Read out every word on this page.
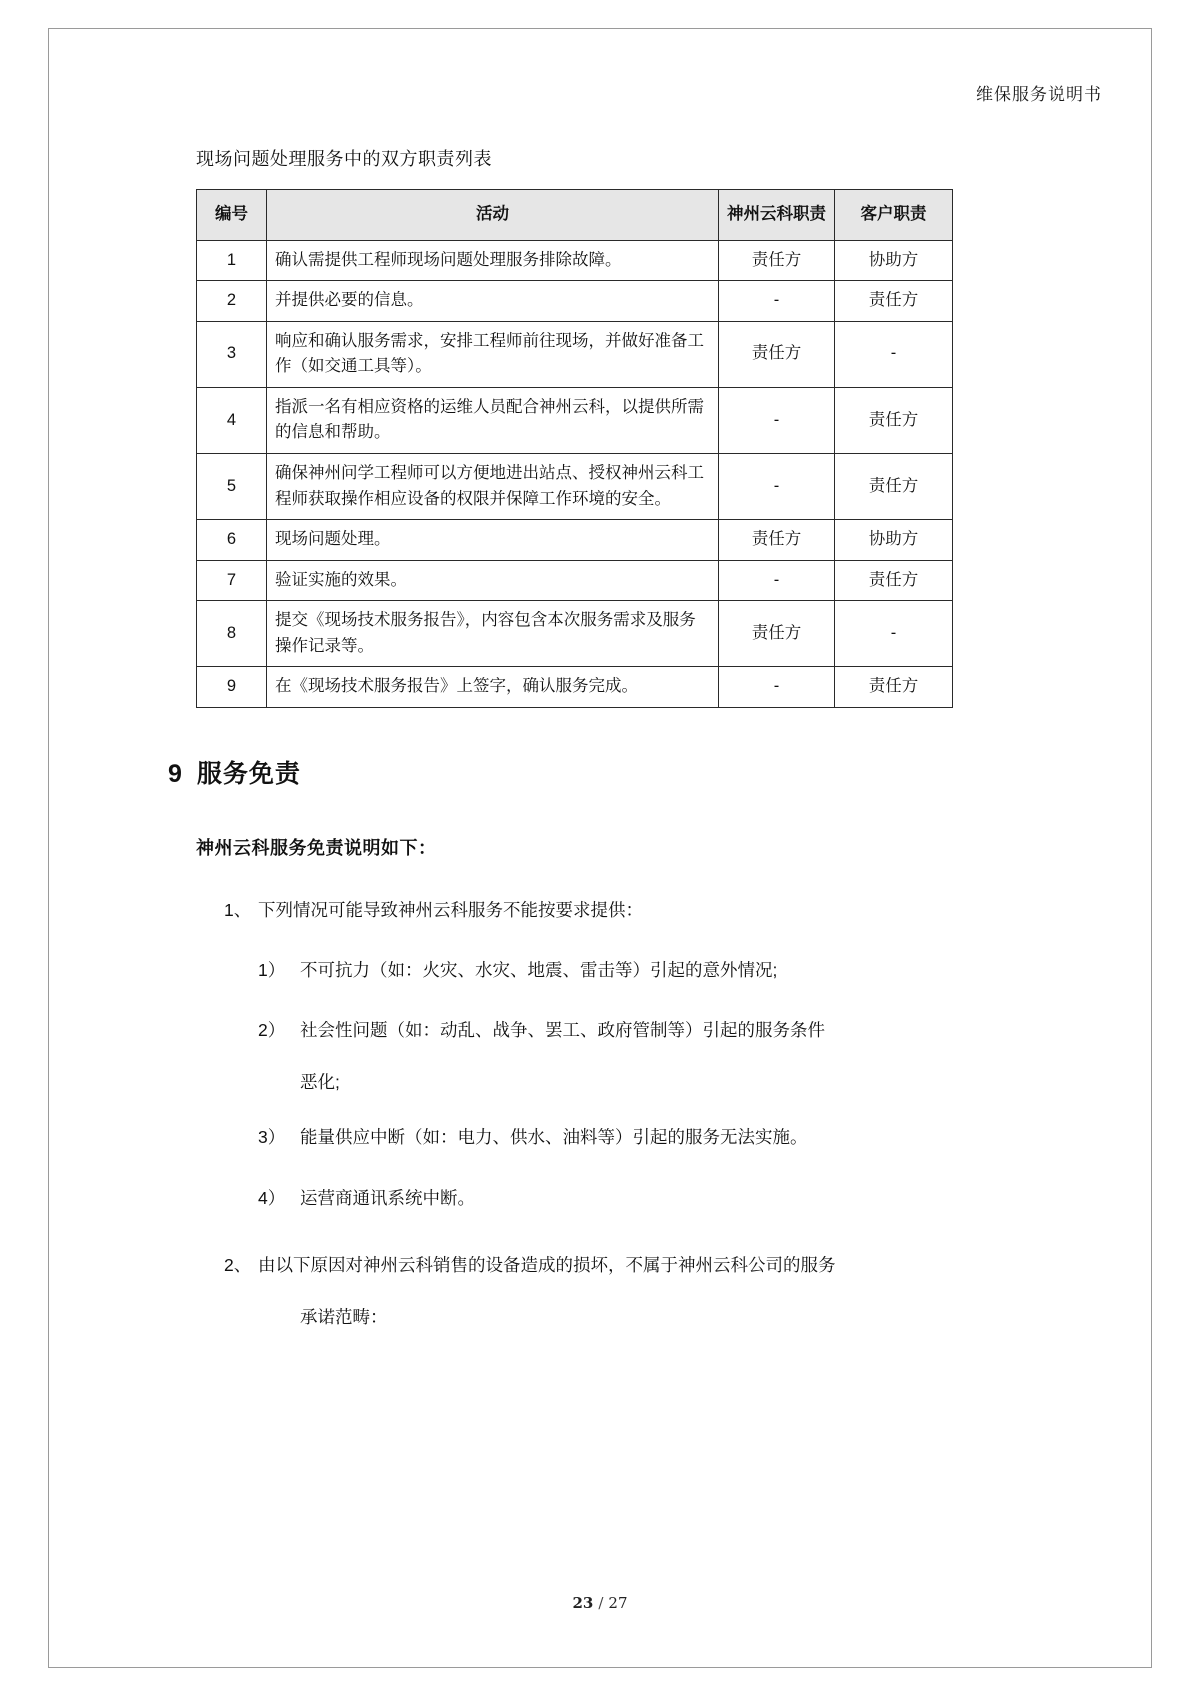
维保服务说明书
现场问题处理服务中的双方职责列表
编号	活动	神州云科职责	客户职责
1	确认需提供工程师现场问题处理服务排除故障。	责任方	协助方
2	并提供必要的信息。	-	责任方
3	响应和确认服务需求，安排工程师前往现场，并做好准备工作（如交通工具等）。	责任方	-
4	指派一名有相应资格的运维人员配合神州云科，以提供所需的信息和帮助。	-	责任方
5	确保神州问学工程师可以方便地进出站点、授权神州云科工程师获取操作相应设备的权限并保障工作环境的安全。	-	责任方
6	现场问题处理。	责任方	协助方
7	验证实施的效果。	-	责任方
8	提交《现场技术服务报告》，内容包含本次服务需求及服务操作记录等。	责任方	-
9	在《现场技术服务报告》上签字，确认服务完成。	-	责任方
9 服务免责
神州云科服务免责说明如下：
1、 下列情况可能导致神州云科服务不能按要求提供：
1） 不可抗力（如：火灾、水灾、地震、雷击等）引起的意外情况;
2） 社会性问题（如：动乱、战争、罢工、政府管制等）引起的服务条件
恶化;
3） 能量供应中断（如：电力、供水、油料等）引起的服务无法实施。
4） 运营商通讯系统中断。
2、 由以下原因对神州云科销售的设备造成的损坏，不属于神州云科公司的服务
承诺范畴：
23 / 27
